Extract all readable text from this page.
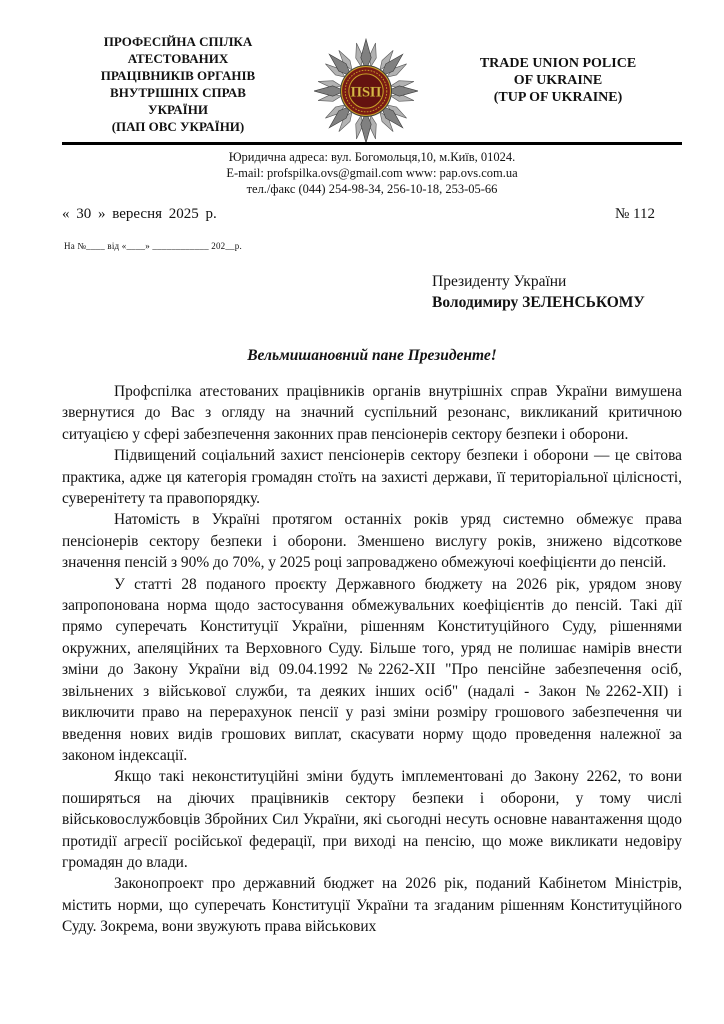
ПРОФЕСІЙНА СПІЛКА
АТЕСТОВАНИХ
ПРАЦІВНИКІВ ОРГАНІВ
ВНУТРІШНІХ СПРАВ
УКРАЇНИ
(ПАП ОВС УКРАЇНИ)
ПSП
TRADE UNION POLICE
OF UKRAINE
(TUP OF UKRAINE)
Юридична адреса: вул. Богомольця,10, м.Київ, 01024.
E-mail: profspilka.ovs@gmail.com www: pap.ovs.com.ua
тел./факс (044) 254-98-34, 256-10-18, 253-05-66
« 30 » вересня 2025 р.	№ 112
На №____ від «____» ____________ 202__р.
Президенту України
Володимиру ЗЕЛЕНСЬКОМУ
Вельмишановний пане Президенте!

Профспілка атестованих працівників органів внутрішніх справ України вимушена звернутися до Вас з огляду на значний суспільний резонанс, викликаний критичною ситуацією у сфері забезпечення законних прав пенсіонерів сектору безпеки і оборони.

Підвищений соціальний захист пенсіонерів сектору безпеки і оборони — це світова практика, адже ця категорія громадян стоїть на захисті держави, її територіальної цілісності, суверенітету та правопорядку.

Натомість в Україні протягом останніх років уряд системно обмежує права пенсіонерів сектору безпеки і оборони. Зменшено вислугу років, знижено відсоткове значення пенсій з 90% до 70%, у 2025 році запроваджено обмежуючі коефіцієнти до пенсій.

У статті 28 поданого проєкту Державного бюджету на 2026 рік, урядом знову запропонована норма щодо застосування обмежувальних коефіцієнтів до пенсій. Такі дії прямо суперечать Конституції України, рішенням Конституційного Суду, рішеннями окружних, апеляційних та Верховного Суду. Більше того, уряд не полишає намірів внести зміни до Закону України від 09.04.1992 №2262-XII "Про пенсійне забезпечення осіб, звільнених з військової служби, та деяких інших осіб" (надалі - Закон №2262-XII) і виключити право на перерахунок пенсії у разі зміни розміру грошового забезпечення чи введення нових видів грошових виплат, скасувати норму щодо проведення належної за законом індексації.

Якщо такі неконституційні зміни будуть імплементовані до Закону 2262, то вони поширяться на діючих працівників сектору безпеки і оборони, у тому числі військовослужбовців Збройних Сил України, які сьогодні несуть основне навантаження щодо протидії агресії російської федерації, при виході на пенсію, що може викликати недовіру громадян до влади.

Законопроект про державний бюджет на 2026 рік, поданий Кабінетом Міністрів, містить норми, що суперечать Конституції України та згаданим рішенням Конституційного Суду. Зокрема, вони звужують права військових
